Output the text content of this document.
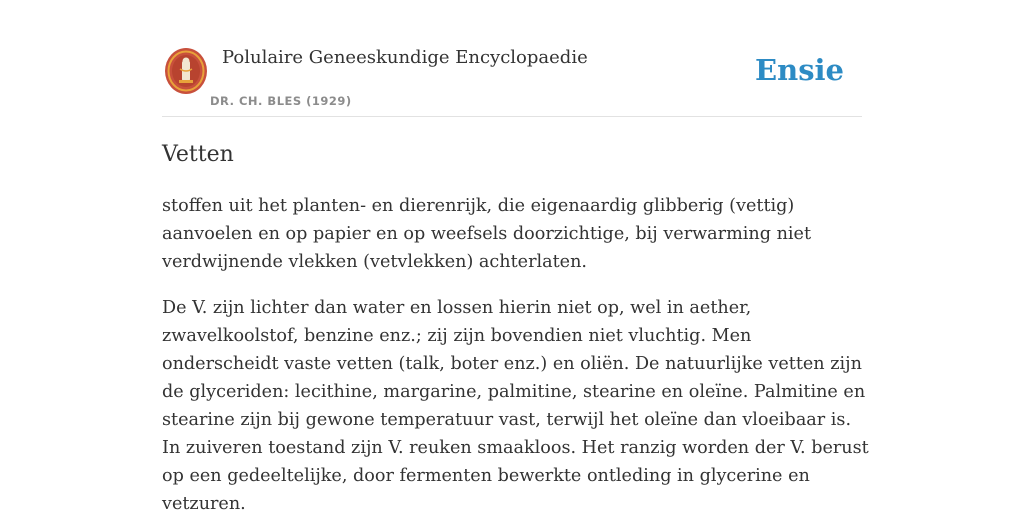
Polulaire Geneeskundige Encyclopaedie
DR. CH. BLES (1929)
Ensie
Vetten

stoffen uit het planten- en dierenrijk, die eigenaardig glibberig (vettig) aanvoelen en op papier en op weefsels doorzichtige, bij verwarming niet verdwijnende vlekken (vetvlekken) achterlaten.

De V. zijn lichter dan water en lossen hierin niet op, wel in aether, zwavelkoolstof, benzine enz.; zij zijn bovendien niet vluchtig. Men onderscheidt vaste vetten (talk, boter enz.) en oliën. De natuurlijke vetten zijn de glyceriden: lecithine, margarine, palmitine, stearine en oleïne. Palmitine en stearine zijn bij gewone temperatuur vast, terwijl het oleïne dan vloeibaar is. In zuiveren toestand zijn V. reuken smaakloos. Het ranzig worden der V. berust op een gedeeltelijke, door fermenten bewerkte ontleding in glycerine en vetzuren.
